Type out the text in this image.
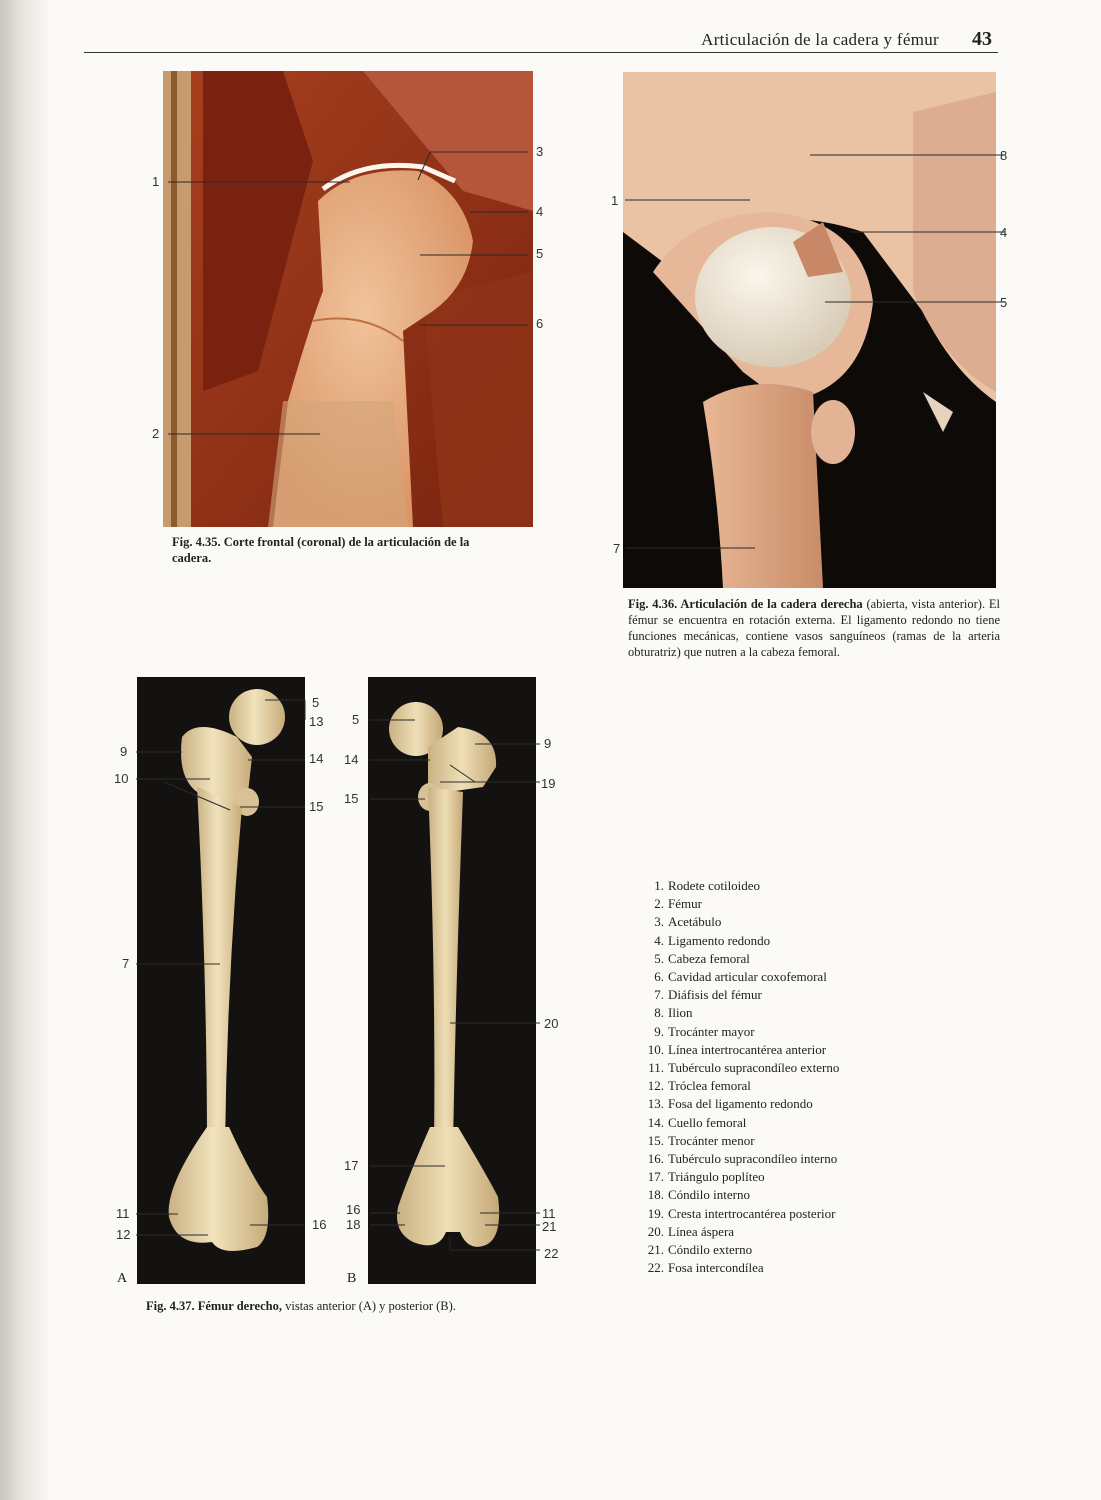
Articulación de la cadera y fémur 43
1
2
3
4
5
6
Fig. 4.35. Corte frontal (coronal) de la articulación de la cadera.
1
7
8
4
5
Fig. 4.36. Articulación de la cadera derecha (abierta, vista anterior). El fémur se encuentra en rotación externa. El ligamento redondo no tiene funciones mecánicas, contiene vasos sanguíneos (ramas de la arteria obturatriz) que nutren a la cabeza femoral.
A	B
5
13
9	14
10
15
7
11
12
16
5
9
14
19
15
20
17
16
18
11
21
22
Fig. 4.37. Fémur derecho, vistas anterior (A) y posterior (B).
1. Rodete cotiloideo
2. Fémur
3. Acetábulo
4. Ligamento redondo
5. Cabeza femoral
6. Cavidad articular coxofemoral
7. Diáfisis del fémur
8. Ilion
9. Trocánter mayor
10. Línea intertrocantérea anterior
11. Tubérculo supracondíleo externo
12. Tróclea femoral
13. Fosa del ligamento redondo
14. Cuello femoral
15. Trocánter menor
16. Tubérculo supracondíleo interno
17. Triángulo poplíteo
18. Cóndilo interno
19. Cresta intertrocantérea posterior
20. Línea áspera
21. Cóndilo externo
22. Fosa intercondílea
